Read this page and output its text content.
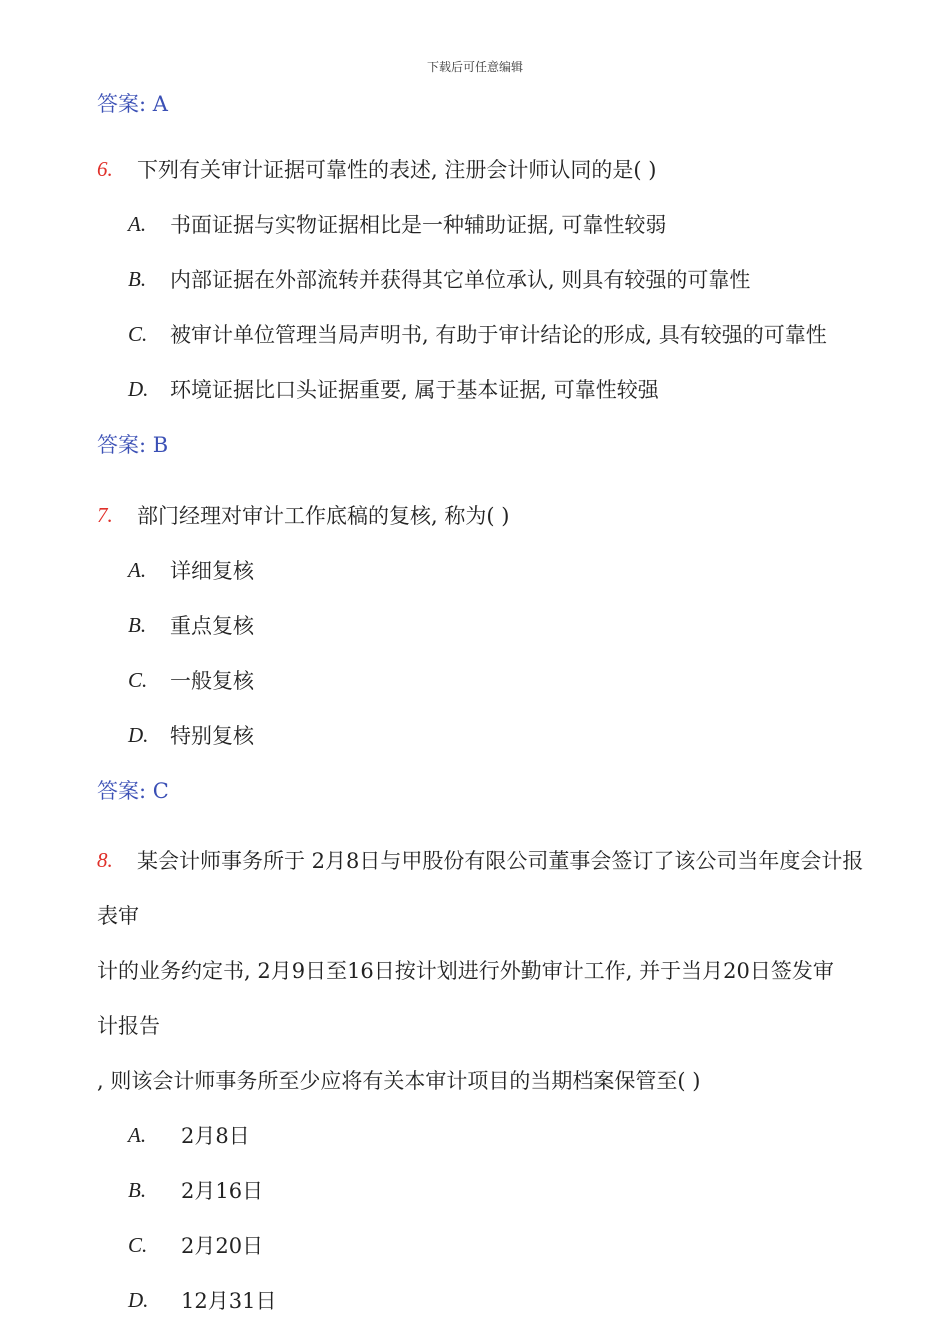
下载后可任意编辑
答案: A
6. 下列有关审计证据可靠性的表述, 注册会计师认同的是( )
A. 书面证据与实物证据相比是一种辅助证据, 可靠性较弱
B. 内部证据在外部流转并获得其它单位承认, 则具有较强的可靠性
C. 被审计单位管理当局声明书, 有助于审计结论的形成, 具有较强的可靠性
D. 环境证据比口头证据重要, 属于基本证据, 可靠性较强
答案: B
7. 部门经理对审计工作底稿的复核, 称为( )
A. 详细复核
B. 重点复核
C. 一般复核
D. 特别复核
答案: C
8. 某会计师事务所于 2月8日与甲股份有限公司董事会签订了该公司当年度会计报
表审
计的业务约定书, 2月9日至16日按计划进行外勤审计工作, 并于当月20日签发审
计报告
, 则该会计师事务所至少应将有关本审计项目的当期档案保管至( )
A. 2月8日
B. 2月16日
C. 2月20日
D. 12月31日
